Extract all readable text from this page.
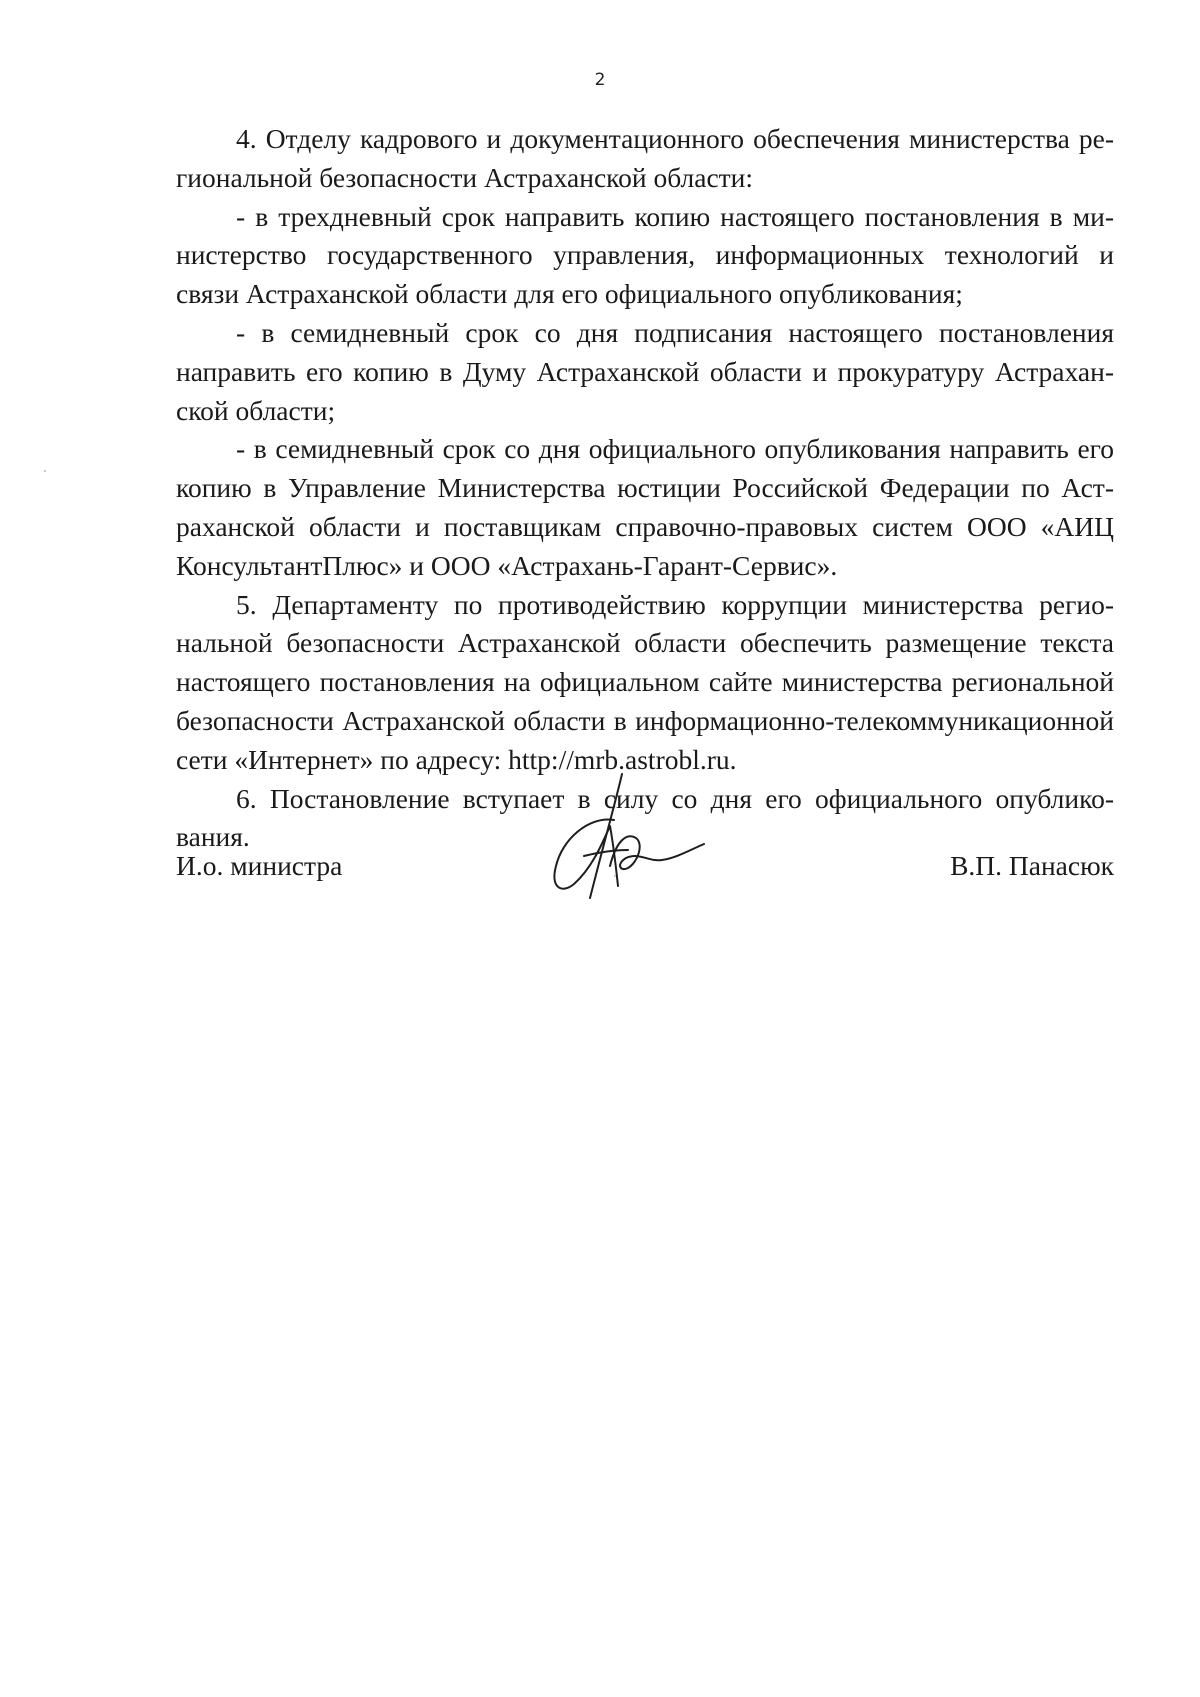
2

4. Отделу кадрового и документационного обеспечения министерства региональной безопасности Астраханской области:

- в трехдневный срок направить копию настоящего постановления в министерство государственного управления, информационных технологий и связи Астраханской области для его официального опубликования;

- в семидневный срок со дня подписания настоящего постановления направить его копию в Думу Астраханской области и прокуратуру Астраханской области;

- в семидневный срок со дня официального опубликования направить его копию в Управление Министерства юстиции Российской Федерации по Астраханской области и поставщикам справочно-правовых систем ООО «АИЦ КонсультантПлюс» и ООО «Астрахань-Гарант-Сервис».

5. Департаменту по противодействию коррупции министерства региональной безопасности Астраханской области обеспечить размещение текста настоящего постановления на официальном сайте министерства региональной безопасности Астраханской области в информационно-телекоммуникационной сети «Интернет» по адресу: http://mrb.astrobl.ru.

6. Постановление вступает в силу со дня его официального опубликования.

И.о. министра	В.П. Панасюк
